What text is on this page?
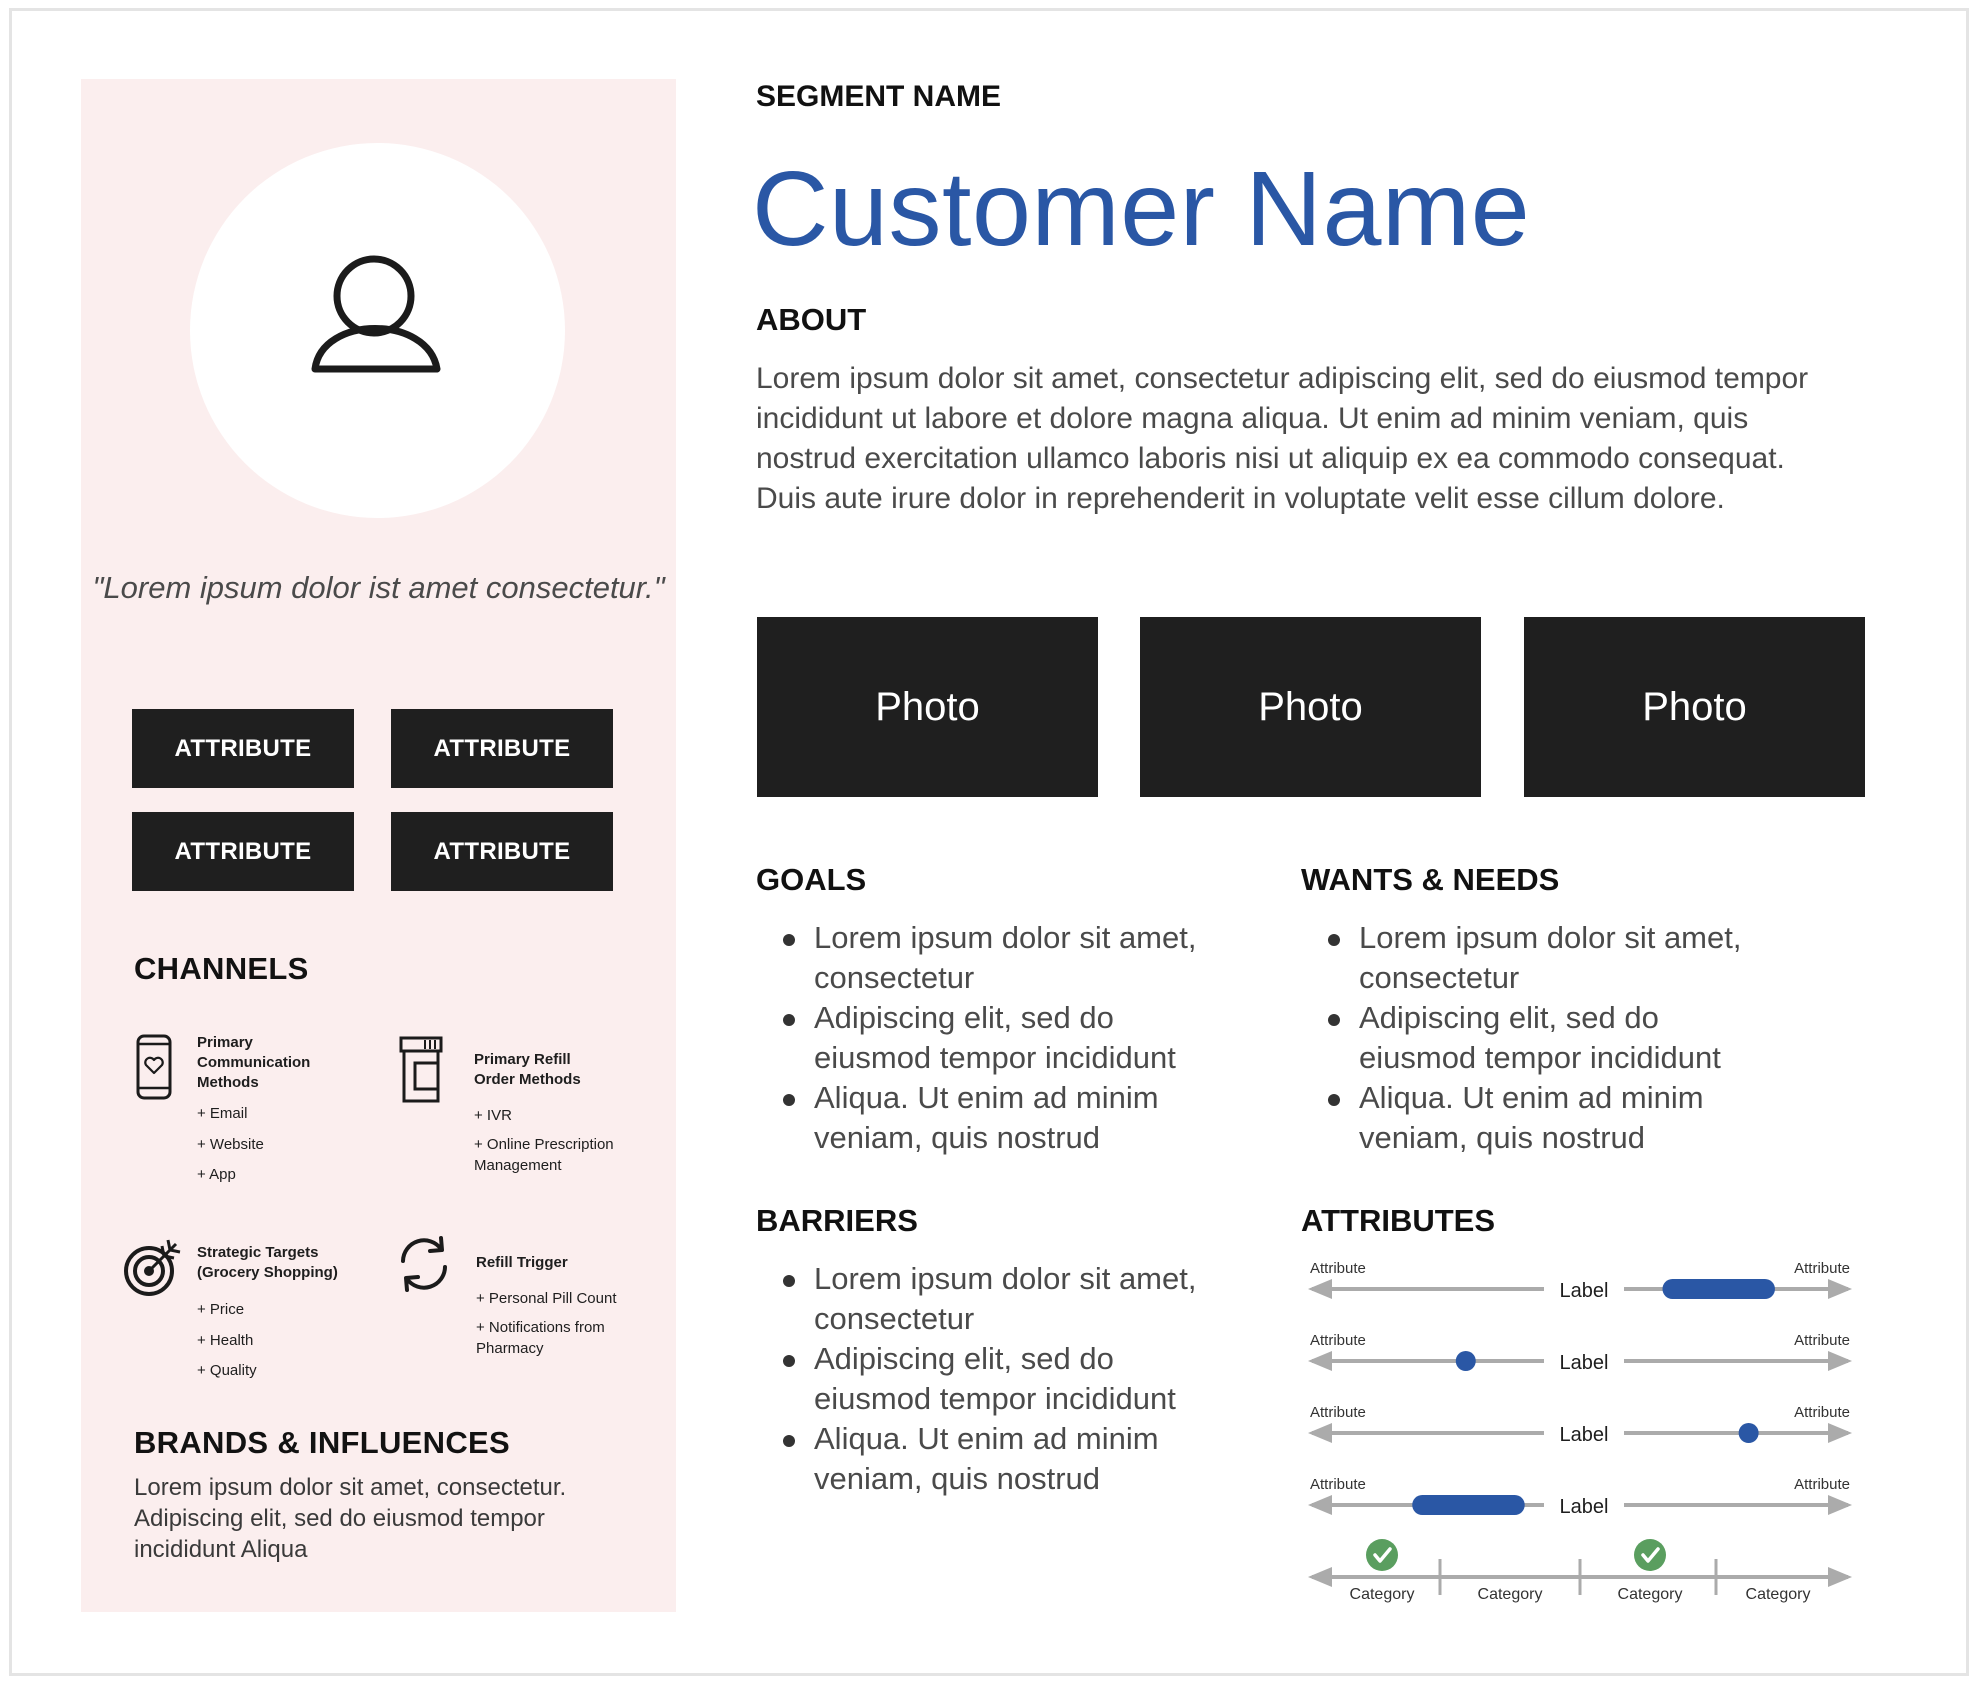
"Lorem ipsum dolor ist amet consectetur."
ATTRIBUTE	ATTRIBUTE
ATTRIBUTE	ATTRIBUTE
CHANNELS
Primary
Communication
Methods
+ Email
+ Website
+ App
Primary Refill
Order Methods
+ IVR
+ Online Prescription
Management
Strategic Targets
(Grocery Shopping)
+ Price
+ Health
+ Quality
Refill Trigger
+ Personal Pill Count
+ Notifications from
Pharmacy
BRANDS & INFLUENCES
Lorem ipsum dolor sit amet, consectetur. Adipiscing elit, sed do eiusmod tempor incididunt Aliqua
SEGMENT NAME
Customer Name
ABOUT
Lorem ipsum dolor sit amet, consectetur adipiscing elit, sed do eiusmod tempor incididunt ut labore et dolore magna aliqua. Ut enim ad minim veniam, quis nostrud exercitation ullamco laboris nisi ut aliquip ex ea commodo consequat. Duis aute irure dolor in reprehenderit in voluptate velit esse cillum dolore.
Photo	Photo	Photo
GOALS
Lorem ipsum dolor sit amet, consectetur
Adipiscing elit, sed do eiusmod tempor incididunt
Aliqua. Ut enim ad minim veniam, quis nostrud
WANTS & NEEDS
Lorem ipsum dolor sit amet, consectetur
Adipiscing elit, sed do eiusmod tempor incididunt
Aliqua. Ut enim ad minim veniam, quis nostrud
BARRIERS
Lorem ipsum dolor sit amet, consectetur
Adipiscing elit, sed do eiusmod tempor incididunt
Aliqua. Ut enim ad minim veniam, quis nostrud
ATTRIBUTES
Attribute	Attribute
Label
Attribute	Attribute
Label
Attribute	Attribute
Label
Attribute	Attribute
Label
Category	Category	Category	Category
